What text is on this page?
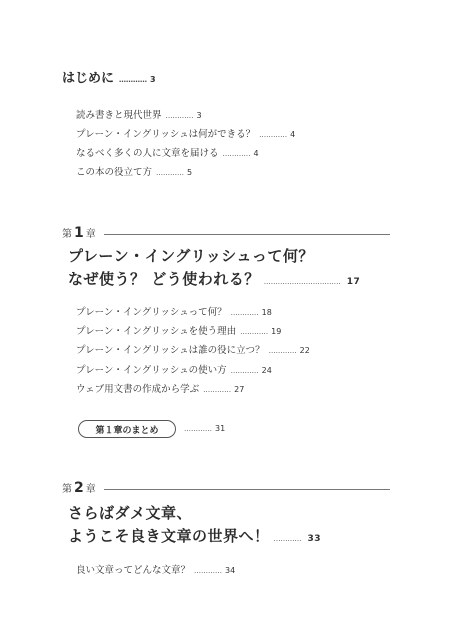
はじめに ………… 3
読み書きと現代世界 ………… 3
プレーン・イングリッシュは何ができる？ ………… 4
なるべく多くの人に文章を届ける ………… 4
この本の役立て方 ………… 5
第 1 章
プレーン・イングリッシュって何？
なぜ使う？ どう使われる？ …………………………… 17
プレーン・イングリッシュって何？ ………… 18
プレーン・イングリッシュを使う理由 ………… 19
プレーン・イングリッシュは誰の役に立つ？ ………… 22
プレーン・イングリッシュの使い方 ………… 24
ウェブ用文書の作成から学ぶ ………… 27
第１章のまとめ	………… 31
第 2 章
さらばダメ文章、
ようこそ良き文章の世界へ！ ………… 33
良い文章ってどんな文章？ ………… 34
